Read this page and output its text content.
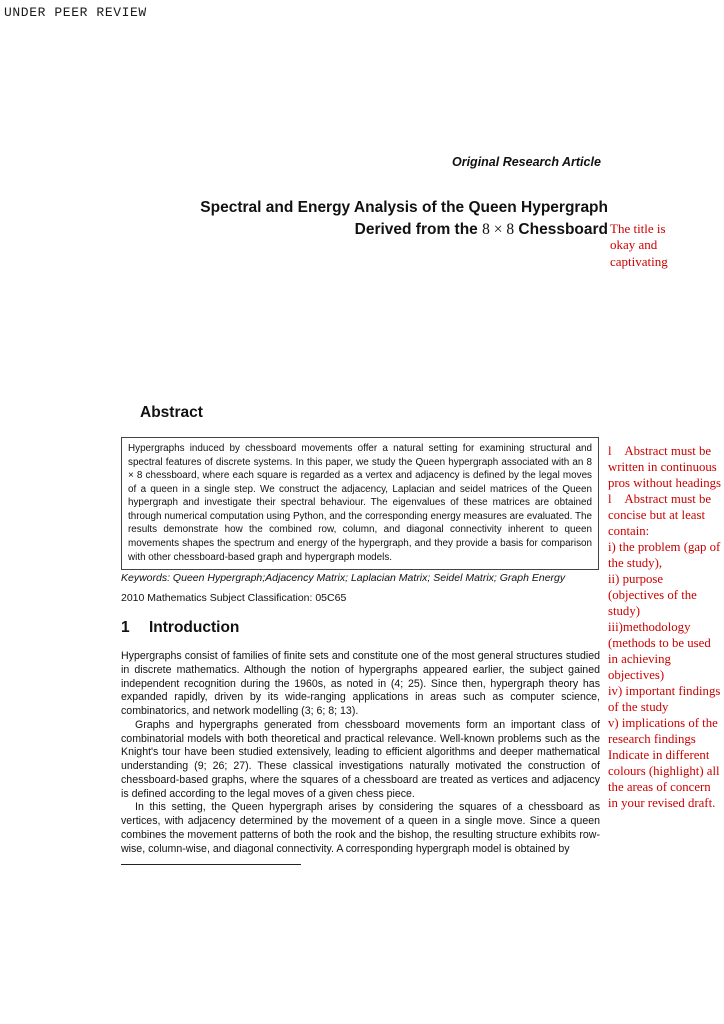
UNDER PEER REVIEW
Original Research Article
Spectral and Energy Analysis of the Queen Hypergraph
Derived from the 8 × 8 Chessboard The title is okay and captivating
Abstract
Hypergraphs induced by chessboard movements offer a natural setting for examining structural and spectral features of discrete systems. In this paper, we study the Queen hypergraph associated with an 8 × 8 chessboard, where each square is regarded as a vertex and adjacency is defined by the legal moves of a queen in a single step. We construct the adjacency, Laplacian and seidel matrices of the Queen hypergraph and investigate their spectral behaviour. The eigenvalues of these matrices are obtained through numerical computation using Python, and the corresponding energy measures are evaluated. The results demonstrate how the combined row, column, and diagonal connectivity inherent to queen movements shapes the spectrum and energy of the hypergraph, and they provide a basis for comparison with other chessboard-based graph and hypergraph models.
Keywords: Queen Hypergraph;Adjacency Matrix; Laplacian Matrix; Seidel Matrix; Graph Energy
2010 Mathematics Subject Classification: 05C65
1 Introduction

Hypergraphs consist of families of finite sets and constitute one of the most general structures studied in discrete mathematics. Although the notion of hypergraphs appeared earlier, the subject gained independent recognition during the 1960s, as noted in (4; 25). Since then, hypergraph theory has expanded rapidly, driven by its wide-ranging applications in areas such as computer science, combinatorics, and network modelling (3; 6; 8; 13).

Graphs and hypergraphs generated from chessboard movements form an important class of combinatorial models with both theoretical and practical relevance. Well-known problems such as the Knight's tour have been studied extensively, leading to efficient algorithms and deeper mathematical understanding (9; 26; 27). These classical investigations naturally motivated the construction of chessboard-based graphs, where the squares of a chessboard are treated as vertices and adjacency is defined according to the legal moves of a given chess piece.

In this setting, the Queen hypergraph arises by considering the squares of a chessboard as vertices, with adjacency determined by the movement of a queen in a single move. Since a queen combines the movement patterns of both the rook and the bishop, the resulting structure exhibits row-wise, column-wise, and diagonal connectivity. A corresponding hypergraph model is obtained by

l    Abstract must be written in continuous pros without headings

l    Abstract must be concise but at least contain:

i) the problem (gap of the study),

ii) purpose (objectives of the study)

iii)methodology (methods to be used in achieving objectives)

iv) important findings of the study

v) implications of the research findings

Indicate in different colours (highlight) all the areas of concern in your revised draft.
